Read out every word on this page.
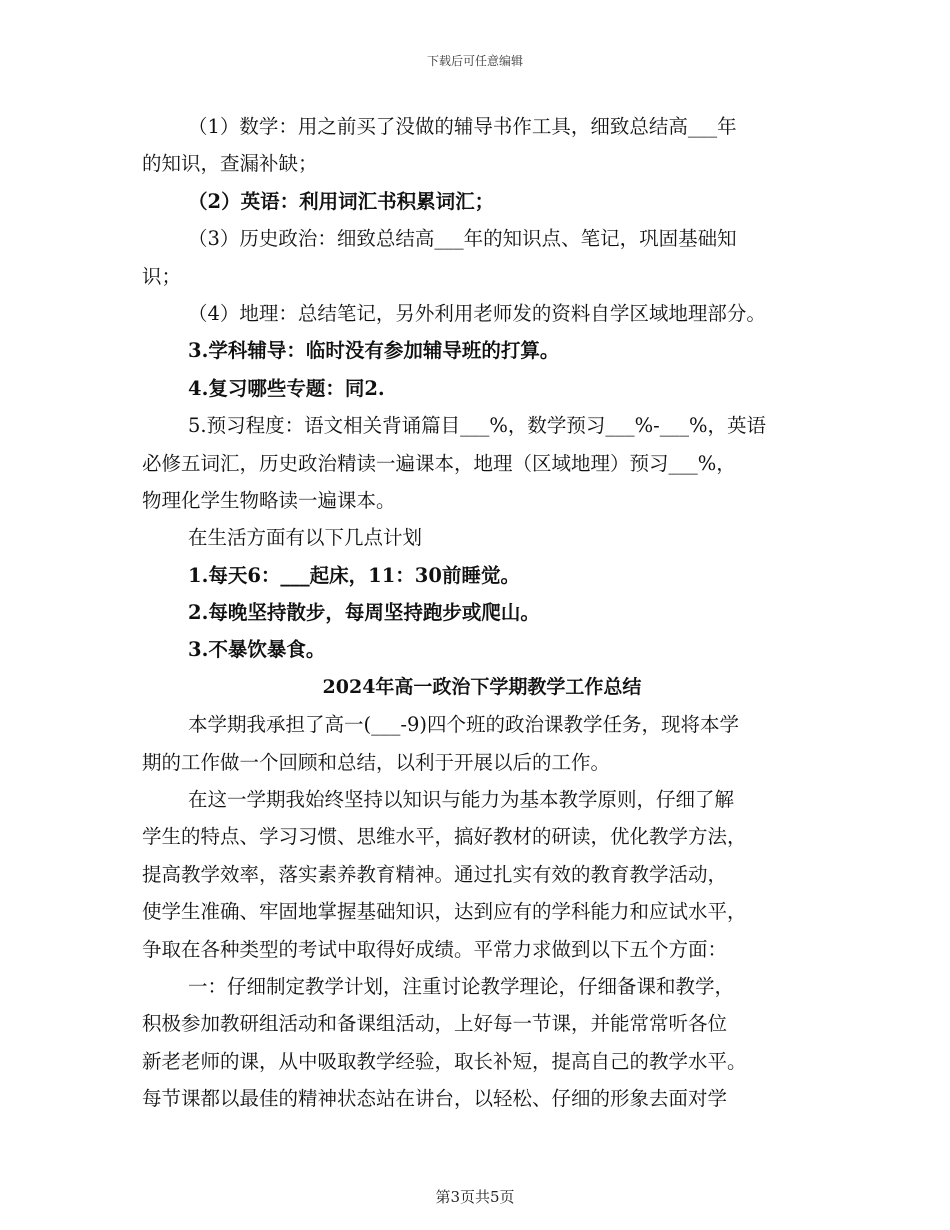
下载后可任意编辑
（1）数学：用之前买了没做的辅导书作工具，细致总结高___年
的知识，查漏补缺；
（2）英语：利用词汇书积累词汇；
（3）历史政治：细致总结高___年的知识点、笔记，巩固基础知
识；
（4）地理：总结笔记，另外利用老师发的资料自学区域地理部分。
3.学科辅导：临时没有参加辅导班的打算。
4.复习哪些专题：同2.
5.预习程度：语文相关背诵篇目___%，数学预习___%-___%，英语
必修五词汇，历史政治精读一遍课本，地理（区域地理）预习___%，
物理化学生物略读一遍课本。
在生活方面有以下几点计划
1.每天6：___起床，11：30前睡觉。
2.每晚坚持散步，每周坚持跑步或爬山。
3.不暴饮暴食。
2024年高一政治下学期教学工作总结
本学期我承担了高一(___-9)四个班的政治课教学任务，现将本学
期的工作做一个回顾和总结，以利于开展以后的工作。
在这一学期我始终坚持以知识与能力为基本教学原则，仔细了解
学生的特点、学习习惯、思维水平，搞好教材的研读，优化教学方法，
提高教学效率，落实素养教育精神。通过扎实有效的教育教学活动，
使学生准确、牢固地掌握基础知识，达到应有的学科能力和应试水平，
争取在各种类型的考试中取得好成绩。平常力求做到以下五个方面：
一：仔细制定教学计划，注重讨论教学理论，仔细备课和教学，
积极参加教研组活动和备课组活动，上好每一节课，并能常常听各位
新老老师的课，从中吸取教学经验，取长补短，提高自己的教学水平。
每节课都以最佳的精神状态站在讲台，以轻松、仔细的形象去面对学
第3页共5页
